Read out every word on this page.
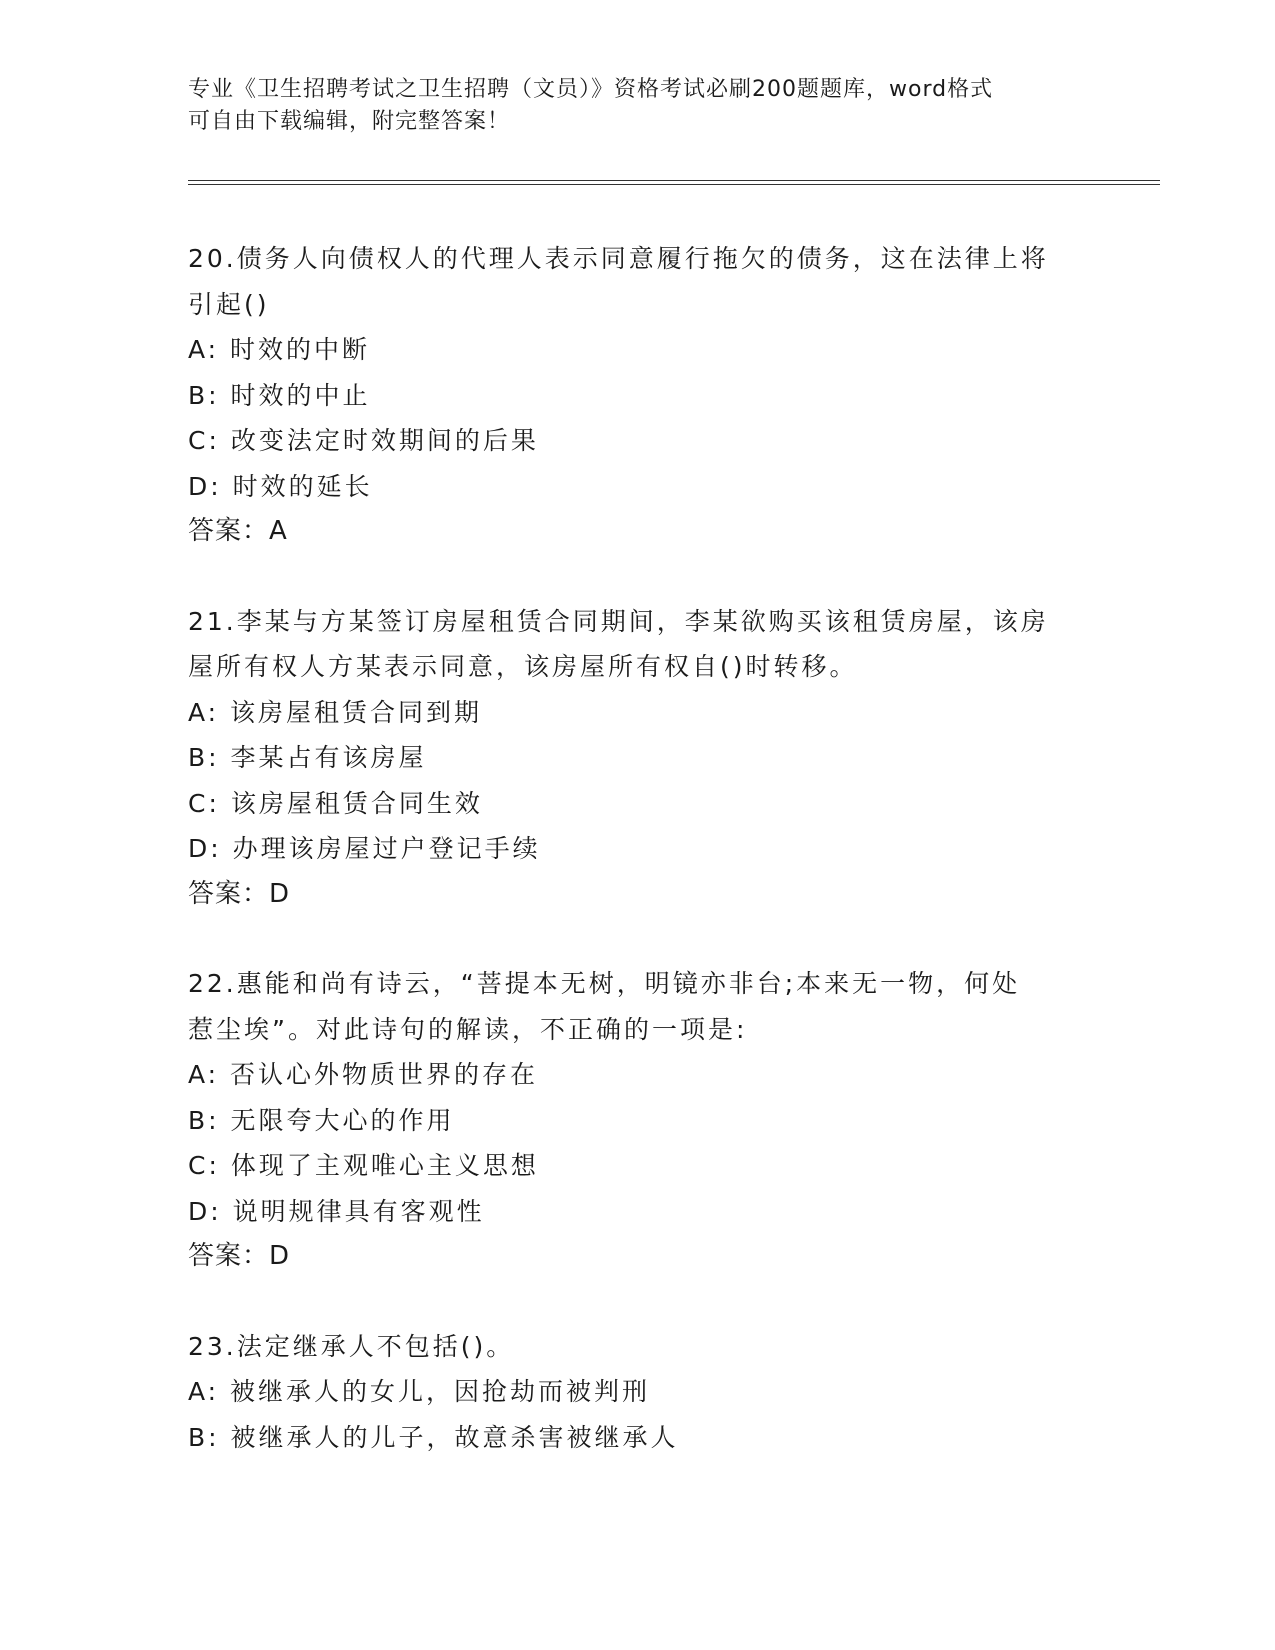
专业《卫生招聘考试之卫生招聘（文员）》资格考试必刷200题题库，word格式
可自由下载编辑，附完整答案！

20.债务人向债权人的代理人表示同意履行拖欠的债务，这在法律上将

引起()

A: 时效的中断

B: 时效的中止

C: 改变法定时效期间的后果

D: 时效的延长

答案：A

21.李某与方某签订房屋租赁合同期间，李某欲购买该租赁房屋，该房

屋所有权人方某表示同意，该房屋所有权自()时转移。

A: 该房屋租赁合同到期

B: 李某占有该房屋

C: 该房屋租赁合同生效

D: 办理该房屋过户登记手续

答案：D

22.惠能和尚有诗云，“菩提本无树，明镜亦非台;本来无一物，何处

惹尘埃”。对此诗句的解读，不正确的一项是:

A: 否认心外物质世界的存在

B: 无限夸大心的作用

C: 体现了主观唯心主义思想

D: 说明规律具有客观性

答案：D

23.法定继承人不包括()。

A: 被继承人的女儿，因抢劫而被判刑

B: 被继承人的儿子，故意杀害被继承人
